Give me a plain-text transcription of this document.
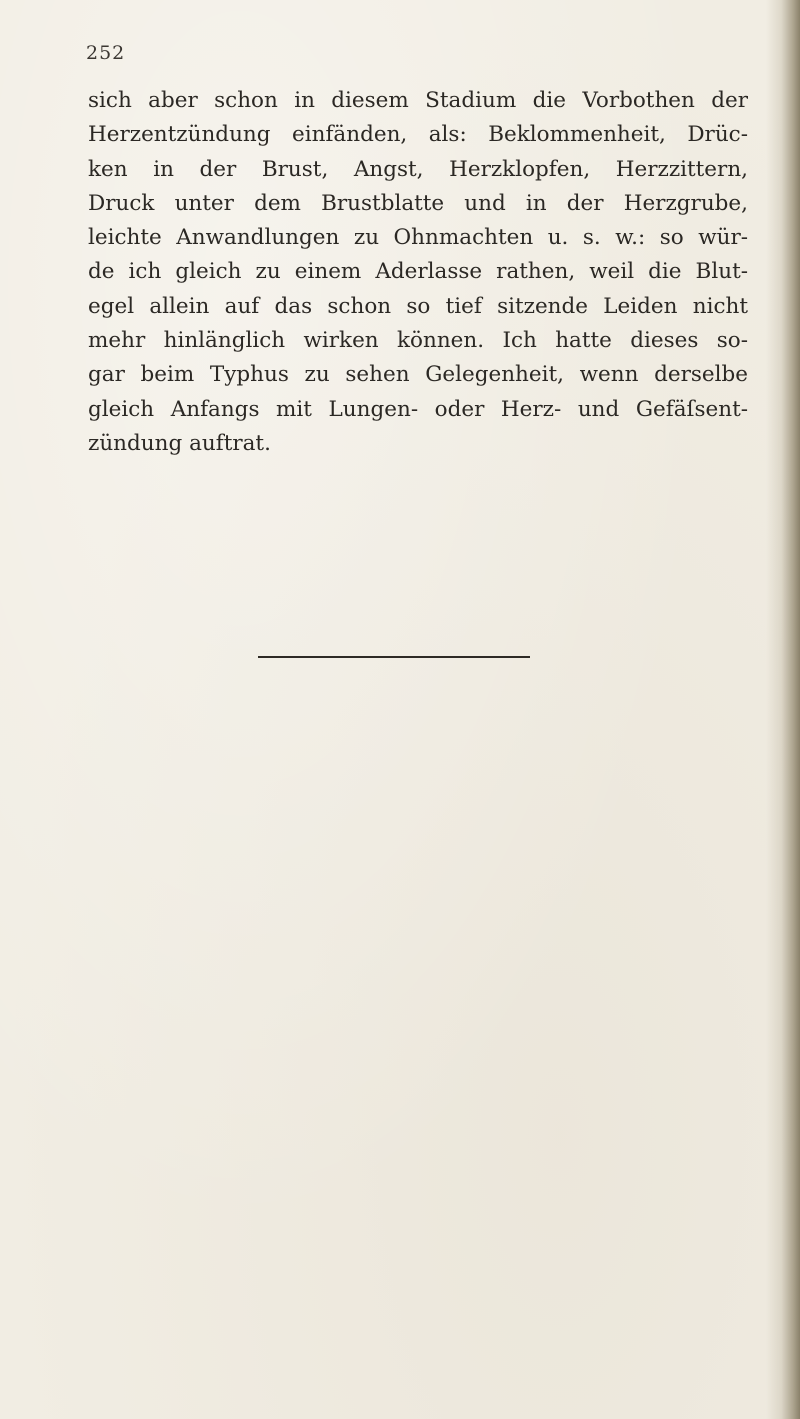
252
sich aber schon in diesem Stadium die Vorbothen der
Herzentzündung einfänden, als: Beklommenheit, Drüc-
ken in der Brust, Angst, Herzklopfen, Herzzittern,
Druck unter dem Brustblatte und in der Herzgrube,
leichte Anwandlungen zu Ohnmachten u. s. w.: so wür-
de ich gleich zu einem Aderlasse rathen, weil die Blut-
egel allein auf das schon so tief sitzende Leiden nicht
mehr hinlänglich wirken können. Ich hatte dieses so-
gar beim Typhus zu sehen Gelegenheit, wenn derselbe
gleich Anfangs mit Lungen- oder Herz- und Gefäſsent-
zündung auftrat.
